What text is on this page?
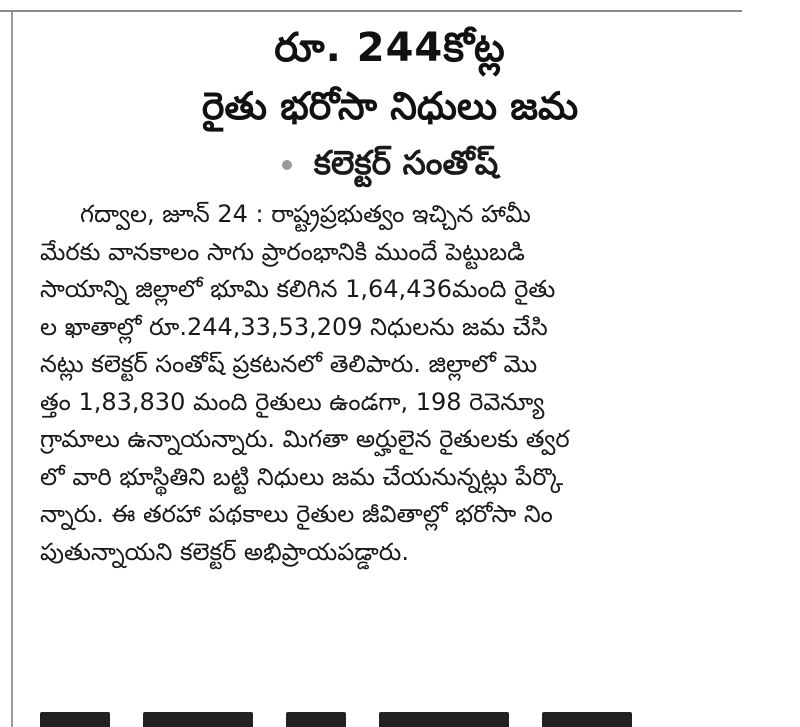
రూ. 244కోట్ల
రైతు భరోసా నిధులు జమ
కలెక్టర్ సంతోష్
గద్వాల, జూన్ 24 : రాష్ట్రప్రభుత్వం ఇచ్చిన హామీ
మేరకు వానకాలం సాగు ప్రారంభానికి ముందే పెట్టుబడి
సాయాన్ని జిల్లాలో భూమి కలిగిన 1,64,436మంది రైతు
ల ఖాతాల్లో రూ.244,33,53,209 నిధులను జమ చేసి
నట్లు కలెక్టర్ సంతోష్ ప్రకటనలో తెలిపారు. జిల్లాలో మొ
త్తం 1,83,830 మంది రైతులు ఉండగా, 198 రెవెన్యూ
గ్రామాలు ఉన్నాయన్నారు. మిగతా అర్హులైన రైతులకు త్వర
లో వారి భూస్థితిని బట్టి నిధులు జమ చేయనున్నట్లు పేర్కొ
న్నారు. ఈ తరహా పథకాలు రైతుల జీవితాల్లో భరోసా నిం
పుతున్నాయని కలెక్టర్ అభిప్రాయపడ్డారు.
